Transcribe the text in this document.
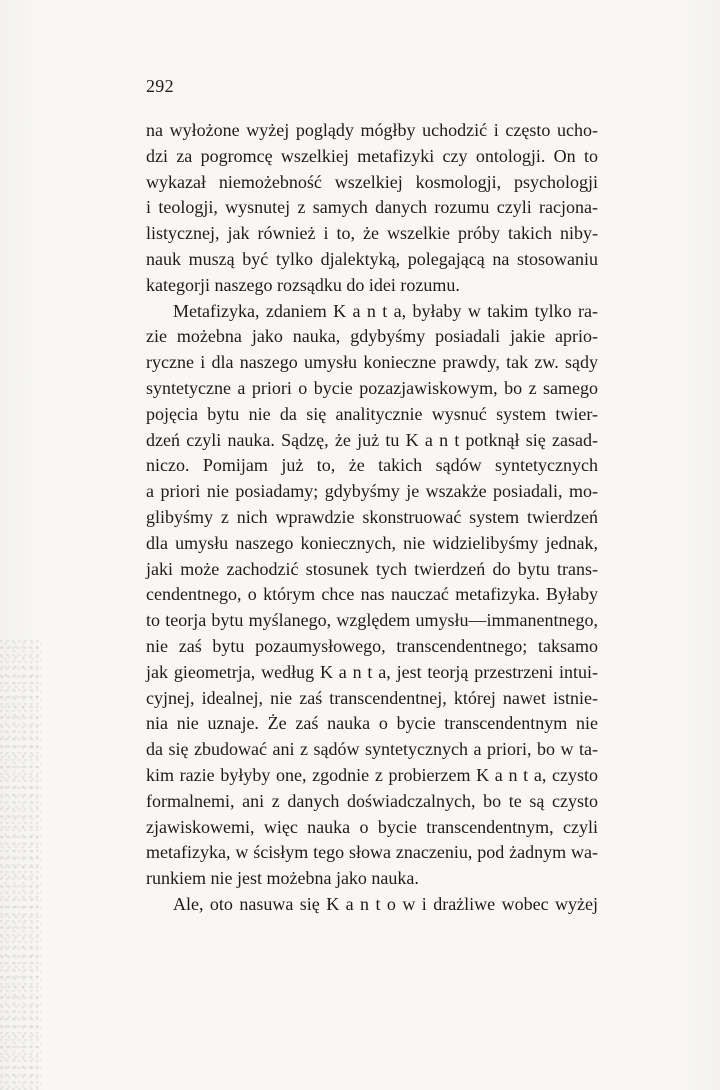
292
na wyłożone wyżej poglądy mógłby uchodzić i często ucho-
dzi za pogromcę wszelkiej metafizyki czy ontologji. On to
wykazał niemożebność wszelkiej kosmologji, psychologji
i teologji, wysnutej z samych danych rozumu czyli racjona-
listycznej, jak również i to, że wszelkie próby takich niby-
nauk muszą być tylko djalektyką, polegającą na stosowaniu
kategorji naszego rozsądku do idei rozumu.
Metafizyka, zdaniem K a n t a, byłaby w takim tylko ra-
zie możebna jako nauka, gdybyśmy posiadali jakie aprio-
ryczne i dla naszego umysłu konieczne prawdy, tak zw. sądy
syntetyczne a priori o bycie pozazjawiskowym, bo z samego
pojęcia bytu nie da się analitycznie wysnuć system twier-
dzeń czyli nauka. Sądzę, że już tu K a n t potknął się zasad-
niczo. Pomijam już to, że takich sądów syntetycznych
a priori nie posiadamy; gdybyśmy je wszakże posiadali, mo-
glibyśmy z nich wprawdzie skonstruować system twierdzeń
dla umysłu naszego koniecznych, nie widzielibyśmy jednak,
jaki może zachodzić stosunek tych twierdzeń do bytu trans-
cendentnego, o którym chce nas nauczać metafizyka. Byłaby
to teorja bytu myślanego, względem umysłu—immanentnego,
nie zaś bytu pozaumysłowego, transcendentnego; taksamo
jak gieometrja, według K a n t a, jest teorją przestrzeni intui-
cyjnej, idealnej, nie zaś transcendentnej, której nawet istnie-
nia nie uznaje. Że zaś nauka o bycie transcendentnym nie
da się zbudować ani z sądów syntetycznych a priori, bo w ta-
kim razie byłyby one, zgodnie z probierzem K a n t a, czysto
formalnemi, ani z danych doświadczalnych, bo te są czysto
zjawiskowemi, więc nauka o bycie transcendentnym, czyli
metafizyka, w ścisłym tego słowa znaczeniu, pod żadnym wa-
runkiem nie jest możebna jako nauka.
Ale, oto nasuwa się K a n t o w i drażliwe wobec wyżej
